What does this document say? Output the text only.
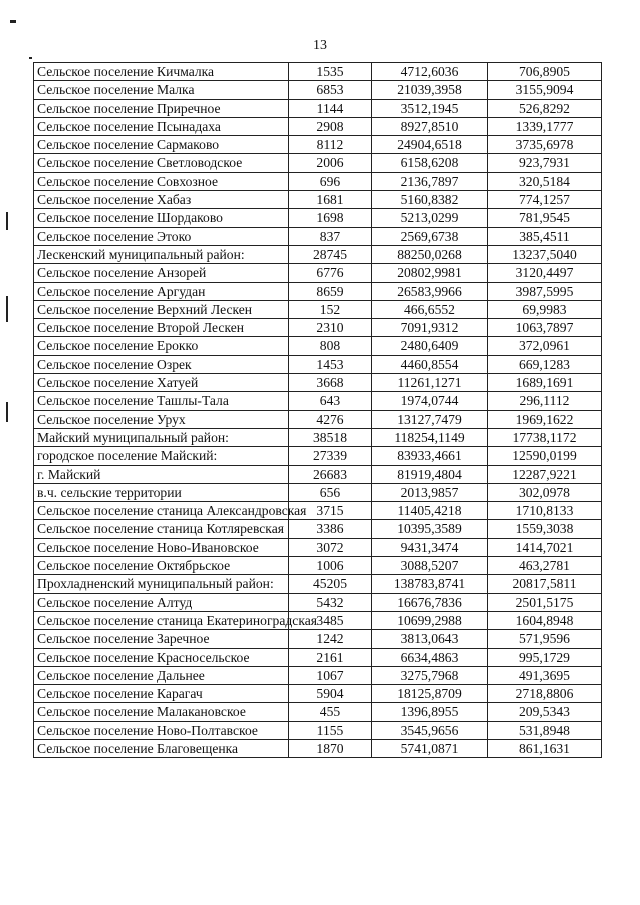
13
Сельское поселение Кичмалка	1535	4712,6036	706,8905
Сельское поселение Малка	6853	21039,3958	3155,9094
Сельское поселение Приречное	1144	3512,1945	526,8292
Сельское поселение Псынадаха	2908	8927,8510	1339,1777
Сельское поселение Сармаково	8112	24904,6518	3735,6978
Сельское поселение Светловодское	2006	6158,6208	923,7931
Сельское поселение Совхозное	696	2136,7897	320,5184
Сельское поселение Хабаз	1681	5160,8382	774,1257
Сельское поселение Шордаково	1698	5213,0299	781,9545
Сельское поселение Этоко	837	2569,6738	385,4511
Лескенский муниципальный район:	28745	88250,0268	13237,5040
Сельское поселение Анзорей	6776	20802,9981	3120,4497
Сельское поселение Аргудан	8659	26583,9966	3987,5995
Сельское поселение Верхний Лескен	152	466,6552	69,9983
Сельское поселение Второй Лескен	2310	7091,9312	1063,7897
Сельское поселение Ерокко	808	2480,6409	372,0961
Сельское поселение Озрек	1453	4460,8554	669,1283
Сельское поселение Хатуей	3668	11261,1271	1689,1691
Сельское поселение Ташлы-Тала	643	1974,0744	296,1112
Сельское поселение Урух	4276	13127,7479	1969,1622
Майский муниципальный район:	38518	118254,1149	17738,1172
городское поселение Майский:	27339	83933,4661	12590,0199
г. Майский	26683	81919,4804	12287,9221
в.ч. сельские территории	656	2013,9857	302,0978
Сельское поселение станица Александровская	3715	11405,4218	1710,8133
Сельское поселение станица Котляревская	3386	10395,3589	1559,3038
Сельское поселение Ново-Ивановское	3072	9431,3474	1414,7021
Сельское поселение Октябрьское	1006	3088,5207	463,2781
Прохладненский муниципальный район:	45205	138783,8741	20817,5811
Сельское поселение Алтуд	5432	16676,7836	2501,5175
Сельское поселение станица Екатериноградская	3485	10699,2988	1604,8948
Сельское поселение Заречное	1242	3813,0643	571,9596
Сельское поселение Красносельское	2161	6634,4863	995,1729
Сельское поселение Дальнее	1067	3275,7968	491,3695
Сельское поселение Карагач	5904	18125,8709	2718,8806
Сельское поселение Малакановское	455	1396,8955	209,5343
Сельское поселение Ново-Полтавское	1155	3545,9656	531,8948
Сельское поселение Благовещенка	1870	5741,0871	861,1631
